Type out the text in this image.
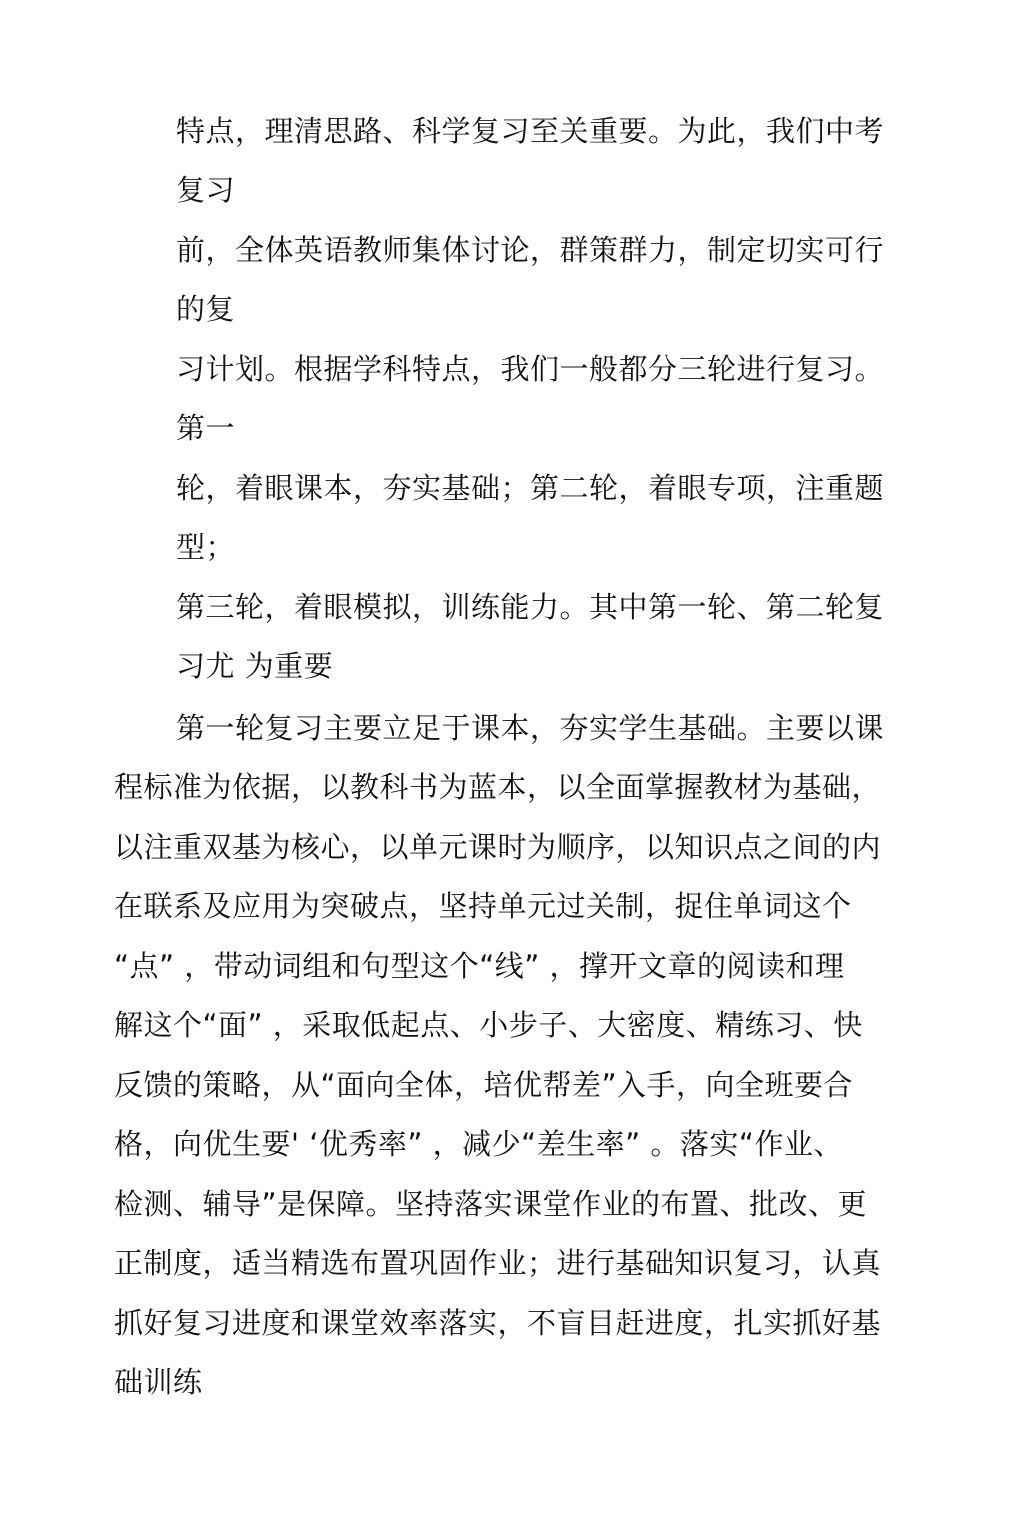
特点，理清思路、科学复习至关重要。为此，我们中考
复习
前，全体英语教师集体讨论，群策群力，制定切实可行
的复
习计划。根据学科特点，我们一般都分三轮进行复习。
第一
轮，着眼课本，夯实基础；第二轮，着眼专项，注重题
型；
第三轮，着眼模拟，训练能力。其中第一轮、第二轮复
习尤 为重要
第一轮复习主要立足于课本，夯实学生基础。主要以课
程标准为依据，以教科书为蓝本，以全面掌握教材为基础，
以注重双基为核心，以单元课时为顺序，以知识点之间的内
在联系及应用为突破点，坚持单元过关制，捉住单词这个
“点” ，带动词组和句型这个“线” ，撑开文章的阅读和理
解这个“面” ，采取低起点、小步子、大密度、精练习、快
反馈的策略，从“面向全体，培优帮差”入手，向全班要合
格，向优生要' ‘优秀率” ，减少“差生率” 。落实“作业、
检测、辅导”是保障。坚持落实课堂作业的布置、批改、更
正制度，适当精选布置巩固作业；进行基础知识复习，认真
抓好复习进度和课堂效率落实，不盲目赶进度，扎实抓好基
础训练
